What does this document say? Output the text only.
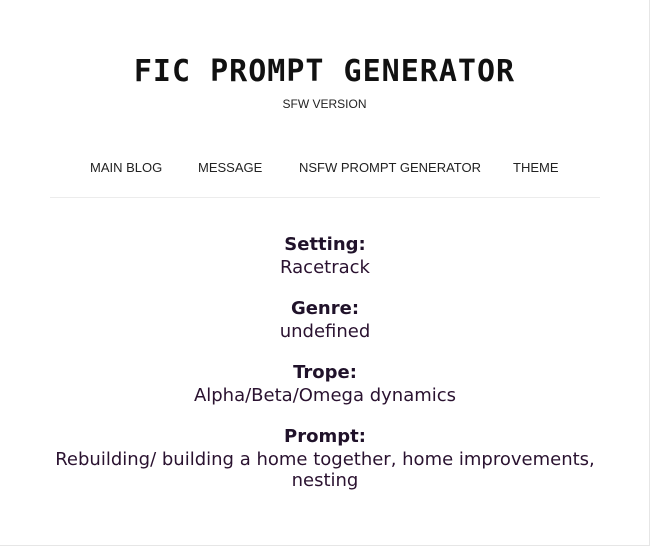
FIC PROMPT GENERATOR
SFW VERSION
MAIN BLOG	MESSAGE	NSFW PROMPT GENERATOR THEME
Setting:
Racetrack
Genre:
undefined
Trope:
Alpha/Beta/Omega dynamics
Prompt:
Rebuilding/ building a home together, home improvements, nesting
